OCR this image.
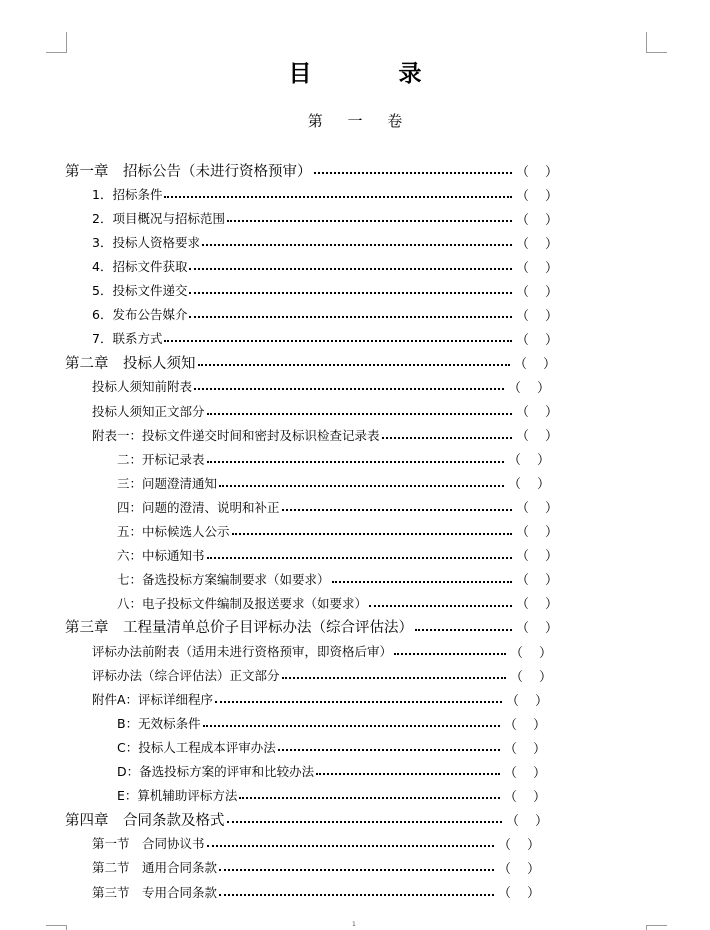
目　录
第 一 卷
第一章　招标公告（未进行资格预审）	（ ）
1．招标条件	（ ）
2．项目概况与招标范围	（ ）
3．投标人资格要求	（ ）
4．招标文件获取	（ ）
5．投标文件递交	（ ）
6．发布公告媒介	（ ）
7．联系方式	（ ）
第二章　投标人须知	（ ）
投标人须知前附表	（ ）
投标人须知正文部分	（ ）
附表一：投标文件递交时间和密封及标识检查记录表	（ ）
二：开标记录表	（ ）
三：问题澄清通知	（ ）
四：问题的澄清、说明和补正	（ ）
五：中标候选人公示	（ ）
六：中标通知书	（ ）
七：备选投标方案编制要求（如要求）	（ ）
八：电子投标文件编制及报送要求（如要求）	（ ）
第三章　工程量清单总价子目评标办法（综合评估法）	（ ）
评标办法前附表（适用未进行资格预审，即资格后审）	（ ）
评标办法（综合评估法）正文部分	（ ）
附件A：评标详细程序	（ ）
B：无效标条件	（ ）
C：投标人工程成本评审办法	（ ）
D：备选投标方案的评审和比较办法	（ ）
E：算机辅助评标方法	（ ）
第四章　合同条款及格式	（ ）
第一节　合同协议书	（ ）
第二节　通用合同条款	（ ）
第三节　专用合同条款	（ ）
1
